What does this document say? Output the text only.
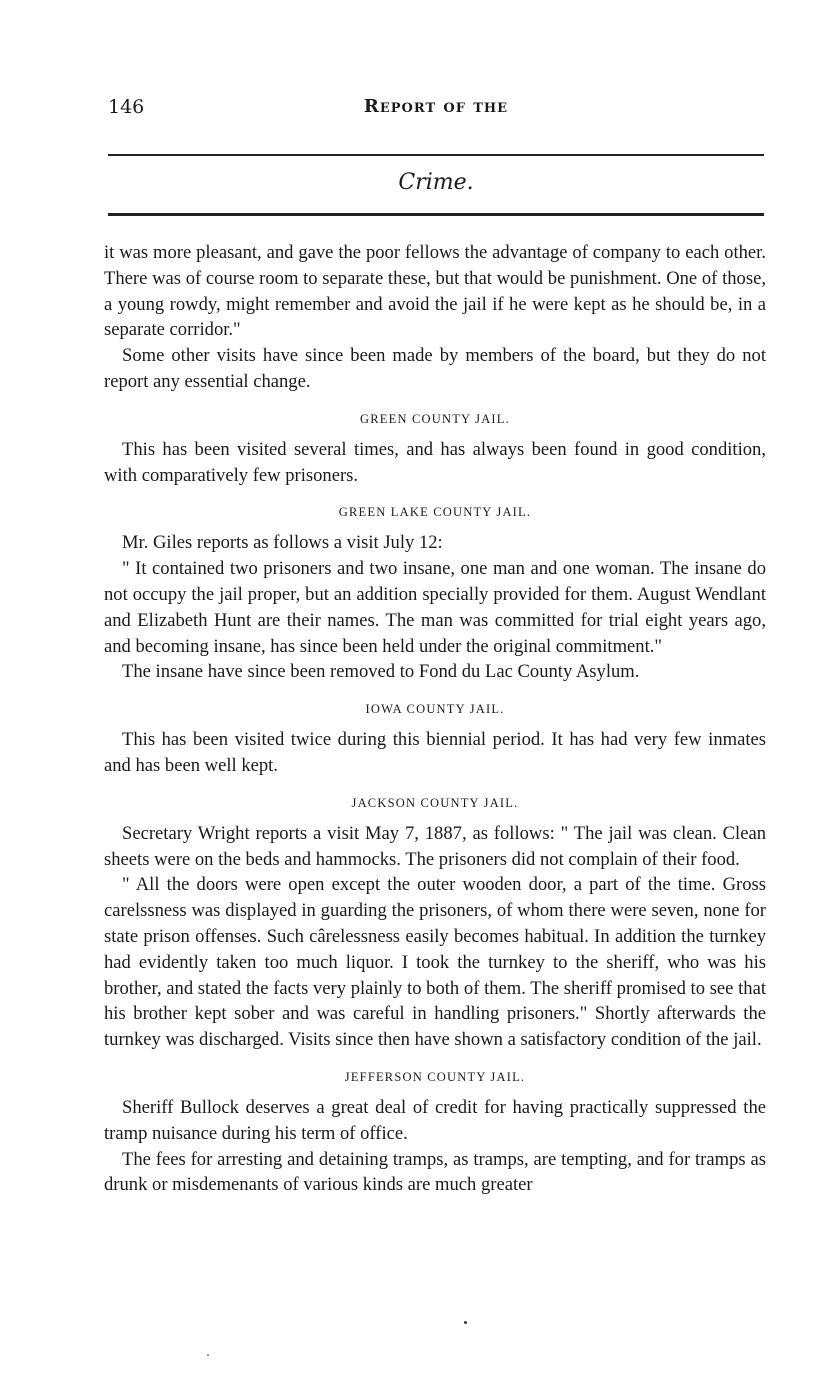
146	Report of the
Crime.

it was more pleasant, and gave the poor fellows the advantage of company to each other. There was of course room to separate these, but that would be punishment. One of those, a young rowdy, might remember and avoid the jail if he were kept as he should be, in a separate corridor."

Some other visits have since been made by members of the board, but they do not report any essential change.

GREEN COUNTY JAIL.

This has been visited several times, and has always been found in good condition, with comparatively few prisoners.

GREEN LAKE COUNTY JAIL.

Mr. Giles reports as follows a visit July 12:

" It contained two prisoners and two insane, one man and one woman. The insane do not occupy the jail proper, but an addition specially provided for them. August Wendlant and Elizabeth Hunt are their names. The man was committed for trial eight years ago, and becoming insane, has since been held under the original commitment."

The insane have since been removed to Fond du Lac County Asylum.

IOWA COUNTY JAIL.

This has been visited twice during this biennial period. It has had very few inmates and has been well kept.

JACKSON COUNTY JAIL.

Secretary Wright reports a visit May 7, 1887, as follows: " The jail was clean. Clean sheets were on the beds and hammocks. The prisoners did not complain of their food.

" All the doors were open except the outer wooden door, a part of the time. Gross carelssness was displayed in guarding the prisoners, of whom there were seven, none for state prison offenses. Such cârelessness easily becomes habitual. In addition the turnkey had evidently taken too much liquor. I took the turnkey to the sheriff, who was his brother, and stated the facts very plainly to both of them. The sheriff promised to see that his brother kept sober and was careful in handling prisoners." Shortly afterwards the turnkey was discharged. Visits since then have shown a satisfactory condition of the jail.

JEFFERSON COUNTY JAIL.

Sheriff Bullock deserves a great deal of credit for having practically suppressed the tramp nuisance during his term of office.

The fees for arresting and detaining tramps, as tramps, are tempting, and for tramps as drunk or misdemenants of various kinds are much greater
